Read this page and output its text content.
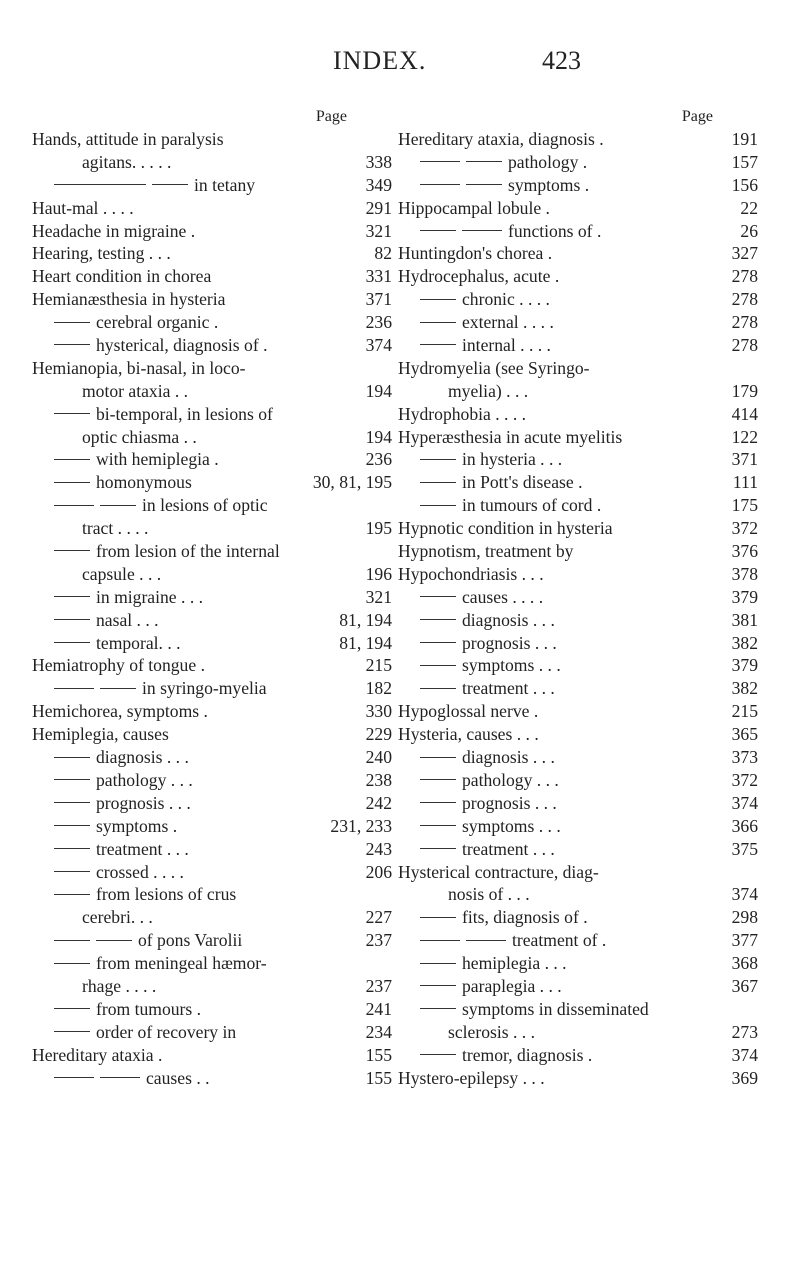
INDEX.	423
Page
Hands, attitude in paralysis
agitans. . . . .	338
in tetany	349
Haut-mal . . . .	291
Headache in migraine .	321
Hearing, testing . . .	82
Heart condition in chorea	331
Hemianæsthesia in hysteria	371
cerebral organic .	236
hysterical, diagnosis of .	374
Hemianopia, bi-nasal, in loco-
motor ataxia . .	194
bi-temporal, in lesions of
optic chiasma . .	194
with hemiplegia .	236
homonymous	30, 81, 195
in lesions of optic
tract . . . .	195
from lesion of the internal
capsule . . .	196
in migraine . . .	321
nasal . . .	81, 194
temporal. . .	81, 194
Hemiatrophy of tongue .	215
in syringo-myelia	182
Hemichorea, symptoms .	330
Hemiplegia, causes	229
diagnosis . . .	240
pathology . . .	238
prognosis . . .	242
symptoms .	231, 233
treatment . . .	243
crossed . . . .	206
from lesions of crus
cerebri. . .	227
of pons Varolii	237
from meningeal hæmor-
rhage . . . .	237
from tumours .	241
order of recovery in	234
Hereditary ataxia .	155
causes . .	155
Page
Hereditary ataxia, diagnosis .	191
pathology .	157
symptoms .	156
Hippocampal lobule .	22
functions of .	26
Huntingdon's chorea .	327
Hydrocephalus, acute .	278
chronic . . . .	278
external . . . .	278
internal . . . .	278
Hydromyelia (see Syringo-
myelia) . . .	179
Hydrophobia . . . .	414
Hyperæsthesia in acute myelitis	122
in hysteria . . .	371
in Pott's disease .	111
in tumours of cord .	175
Hypnotic condition in hysteria	372
Hypnotism, treatment by	376
Hypochondriasis . . .	378
causes . . . .	379
diagnosis . . .	381
prognosis . . .	382
symptoms . . .	379
treatment . . .	382
Hypoglossal nerve .	215
Hysteria, causes . . .	365
diagnosis . . .	373
pathology . . .	372
prognosis . . .	374
symptoms . . .	366
treatment . . .	375
Hysterical contracture, diag-
nosis of . . .	374
fits, diagnosis of .	298
treatment of .	377
hemiplegia . . .	368
paraplegia . . .	367
symptoms in disseminated
sclerosis . . .	273
tremor, diagnosis .	374
Hystero-epilepsy . . .	369
